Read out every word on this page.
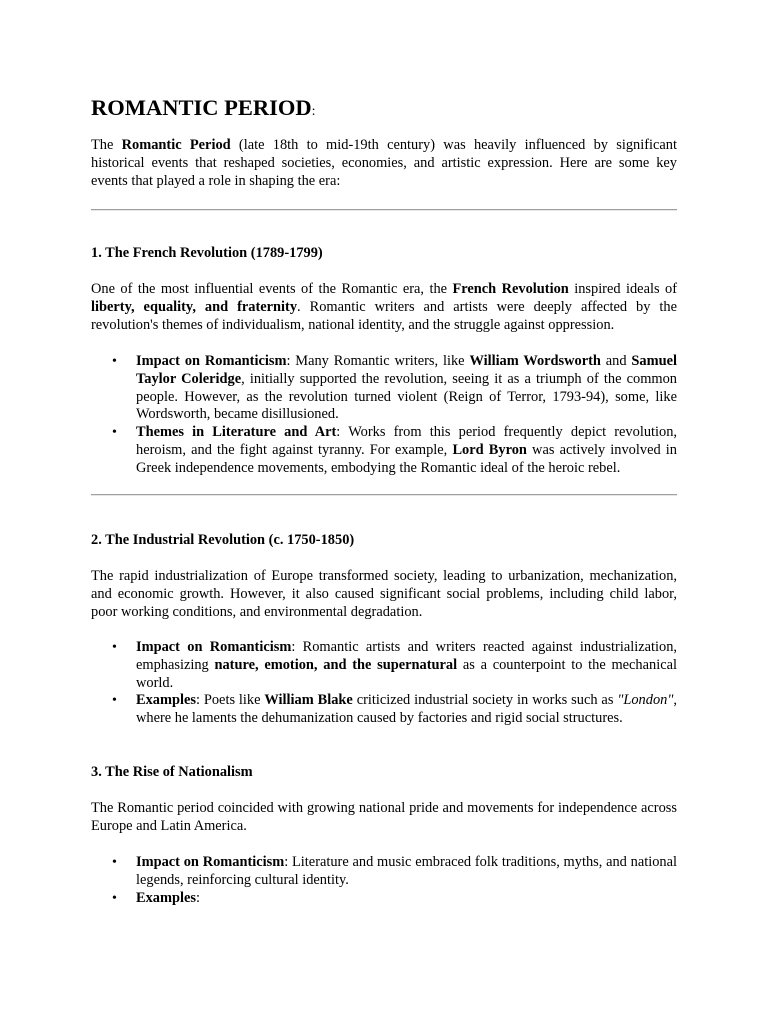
ROMANTIC PERIOD:

The Romantic Period (late 18th to mid-19th century) was heavily influenced by significant historical events that reshaped societies, economies, and artistic expression. Here are some key events that played a role in shaping the era:

1. The French Revolution (1789-1799)

One of the most influential events of the Romantic era, the French Revolution inspired ideals of liberty, equality, and fraternity. Romantic writers and artists were deeply affected by the revolution's themes of individualism, national identity, and the struggle against oppression.

• Impact on Romanticism: Many Romantic writers, like William Wordsworth and Samuel Taylor Coleridge, initially supported the revolution, seeing it as a triumph of the common people. However, as the revolution turned violent (Reign of Terror, 1793-94), some, like Wordsworth, became disillusioned.
• Themes in Literature and Art: Works from this period frequently depict revolution, heroism, and the fight against tyranny. For example, Lord Byron was actively involved in Greek independence movements, embodying the Romantic ideal of the heroic rebel.
2. The Industrial Revolution (c. 1750-1850)

The rapid industrialization of Europe transformed society, leading to urbanization, mechanization, and economic growth. However, it also caused significant social problems, including child labor, poor working conditions, and environmental degradation.

• Impact on Romanticism: Romantic artists and writers reacted against industrialization, emphasizing nature, emotion, and the supernatural as a counterpoint to the mechanical world.
• Examples: Poets like William Blake criticized industrial society in works such as "London", where he laments the dehumanization caused by factories and rigid social structures.
3. The Rise of Nationalism

The Romantic period coincided with growing national pride and movements for independence across Europe and Latin America.

• Impact on Romanticism: Literature and music embraced folk traditions, myths, and national legends, reinforcing cultural identity.
• Examples:
